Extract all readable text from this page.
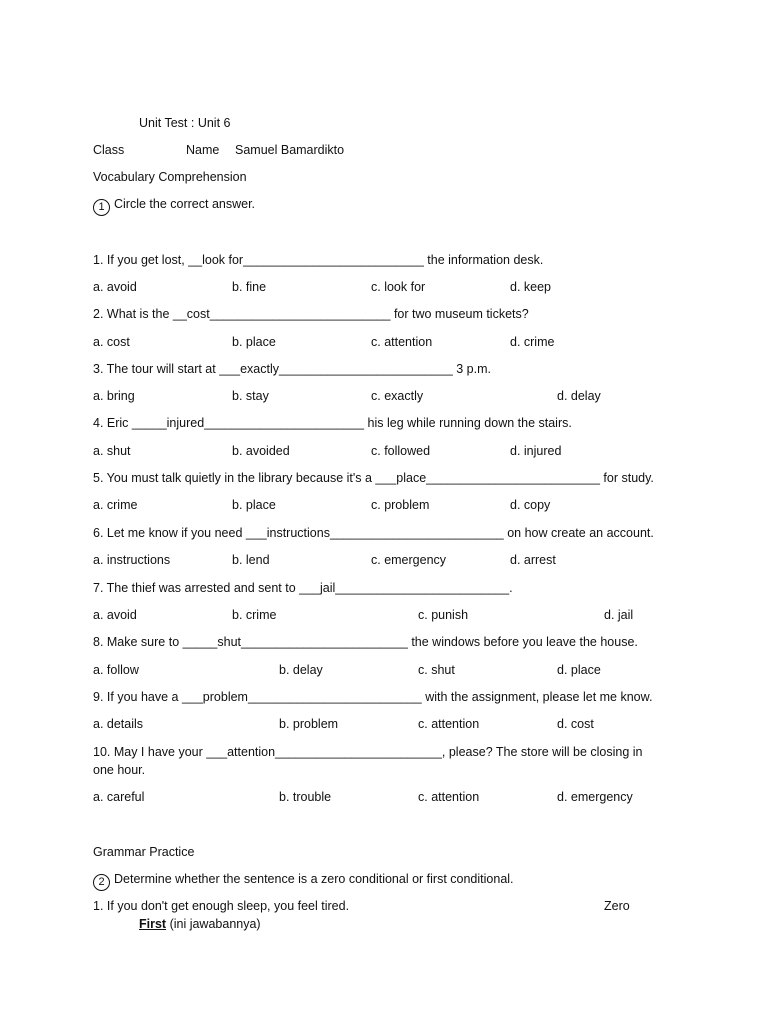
Unit Test : Unit 6
Class	Name Samuel Bamardikto
Vocabulary Comprehension
1 Circle the correct answer.
1. If you get lost, __look for__________________________ the information desk.
a. avoid	b. fine	c. look for	d. keep
2. What is the __cost__________________________ for two museum tickets?
a. cost	b. place	c. attention	d. crime
3. The tour will start at ___exactly_________________________ 3 p.m.
a. bring	b. stay	c. exactly	d. delay
4. Eric _____injured_______________________ his leg while running down the stairs.
a. shut	b. avoided	c. followed	d. injured
5. You must talk quietly in the library because it's a ___place_________________________ for study.
a. crime	b. place	c. problem	d. copy
6. Let me know if you need ___instructions_________________________ on how create an account.
a. instructions	b. lend	c. emergency	d. arrest
7. The thief was arrested and sent to ___jail_________________________.
a. avoid	b. crime	c. punish	d. jail
8. Make sure to _____shut________________________ the windows before you leave the house.
a. follow	b. delay	c. shut	d. place
9. If you have a ___problem_________________________ with the assignment, please let me know.
a. details	b. problem	c. attention	d. cost
10. May I have your ___attention________________________, please? The store will be closing in
one hour.
a. careful	b. trouble	c. attention	d. emergency
Grammar Practice
2 Determine whether the sentence is a zero conditional or first conditional.
1. If you don't get enough sleep, you feel tired.	Zero
First (ini jawabannya)
